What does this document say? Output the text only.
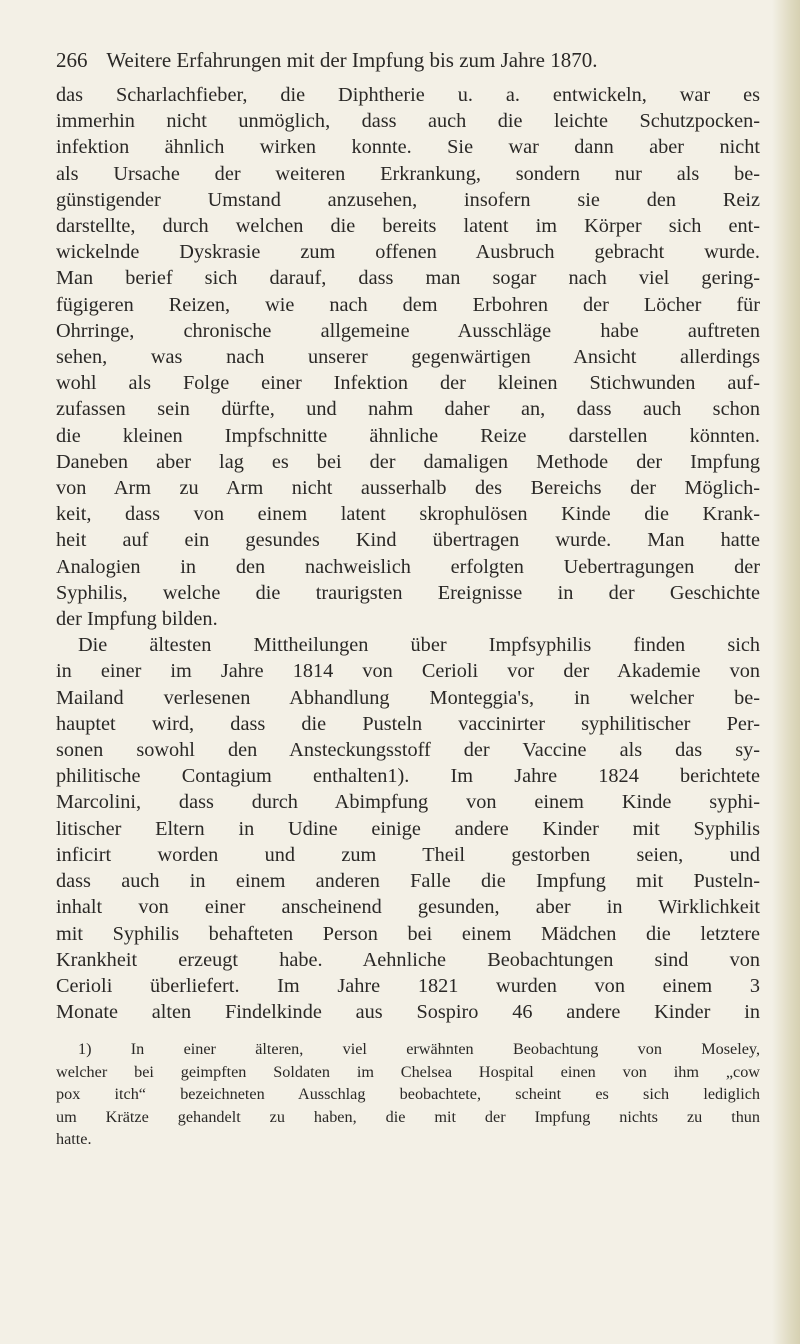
266 Weitere Erfahrungen mit der Impfung bis zum Jahre 1870.

das Scharlachfieber, die Diphtherie u. a. entwickeln, war es
immerhin nicht unmöglich, dass auch die leichte Schutzpocken-
infektion ähnlich wirken konnte. Sie war dann aber nicht
als Ursache der weiteren Erkrankung, sondern nur als be-
günstigender Umstand anzusehen, insofern sie den Reiz
darstellte, durch welchen die bereits latent im Körper sich ent-
wickelnde Dyskrasie zum offenen Ausbruch gebracht wurde.
Man berief sich darauf, dass man sogar nach viel gering-
fügigeren Reizen, wie nach dem Erbohren der Löcher für
Ohrringe, chronische allgemeine Ausschläge habe auftreten
sehen, was nach unserer gegenwärtigen Ansicht allerdings
wohl als Folge einer Infektion der kleinen Stichwunden auf-
zufassen sein dürfte, und nahm daher an, dass auch schon
die kleinen Impfschnitte ähnliche Reize darstellen könnten.
Daneben aber lag es bei der damaligen Methode der Impfung
von Arm zu Arm nicht ausserhalb des Bereichs der Möglich-
keit, dass von einem latent skrophulösen Kinde die Krank-
heit auf ein gesundes Kind übertragen wurde. Man hatte
Analogien in den nachweislich erfolgten Uebertragungen der
Syphilis, welche die traurigsten Ereignisse in der Geschichte
der Impfung bilden.

Die ältesten Mittheilungen über Impfsyphilis finden sich
in einer im Jahre 1814 von Cerioli vor der Akademie von
Mailand verlesenen Abhandlung Monteggia's, in welcher be-
hauptet wird, dass die Pusteln vaccinirter syphilitischer Per-
sonen sowohl den Ansteckungsstoff der Vaccine als das sy-
philitische Contagium enthalten1). Im Jahre 1824 berichtete
Marcolini, dass durch Abimpfung von einem Kinde syphi-
litischer Eltern in Udine einige andere Kinder mit Syphilis
inficirt worden und zum Theil gestorben seien, und
dass auch in einem anderen Falle die Impfung mit Pusteln-
inhalt von einer anscheinend gesunden, aber in Wirklichkeit
mit Syphilis behafteten Person bei einem Mädchen die letztere
Krankheit erzeugt habe. Aehnliche Beobachtungen sind von
Cerioli überliefert. Im Jahre 1821 wurden von einem 3
Monate alten Findelkinde aus Sospiro 46 andere Kinder in

1) In einer älteren, viel erwähnten Beobachtung von Moseley,
welcher bei geimpften Soldaten im Chelsea Hospital einen von ihm „cow
pox itch“ bezeichneten Ausschlag beobachtete, scheint es sich lediglich
um Krätze gehandelt zu haben, die mit der Impfung nichts zu thun
hatte.
